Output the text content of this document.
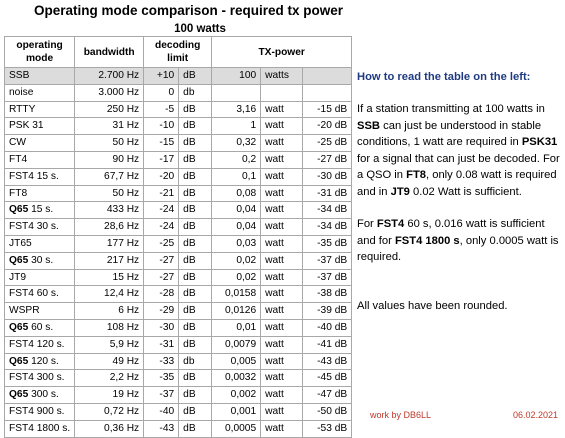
Operating mode comparison - required tx power
100 watts
operating mode	bandwidth	decoding limit		TX-power		
SSB	2.700 Hz	+10	dB	100	watts	
noise	3.000 Hz	0	db			
RTTY	250 Hz	-5	dB	3,16	watt	-15 dB
PSK 31	31 Hz	-10	dB	1	watt	-20 dB
CW	50 Hz	-15	dB	0,32	watt	-25 dB
FT4	90 Hz	-17	dB	0,2	watt	-27 dB
FST4 15 s.	67,7 Hz	-20	dB	0,1	watt	-30 dB
FT8	50 Hz	-21	dB	0,08	watt	-31 dB
Q65 15 s.	433 Hz	-24	dB	0,04	watt	-34 dB
FST4 30 s.	28,6 Hz	-24	dB	0,04	watt	-34 dB
JT65	177 Hz	-25	dB	0,03	watt	-35 dB
Q65 30 s.	217 Hz	-27	dB	0,02	watt	-37 dB
JT9	15 Hz	-27	dB	0,02	watt	-37 dB
FST4 60 s.	12,4 Hz	-28	dB	0,0158	watt	-38 dB
WSPR	6 Hz	-29	dB	0,0126	watt	-39 dB
Q65 60 s.	108 Hz	-30	dB	0,01	watt	-40 dB
FST4 120 s.	5,9 Hz	-31	dB	0,0079	watt	-41 dB
Q65 120 s.	49 Hz	-33	db	0,005	watt	-43 dB
FST4 300 s.	2,2 Hz	-35	dB	0,0032	watt	-45 dB
Q65 300 s.	19 Hz	-37	dB	0,002	watt	-47 dB
FST4 900 s.	0,72 Hz	-40	dB	0,001	watt	-50 dB
FST4 1800 s.	0,36 Hz	-43	dB	0,0005	watt	-53 dB
How to read the table on the left:
If a station transmitting at 100 watts in SSB can just be understood in stable conditions, 1 watt are required in PSK31 for a signal that can just be decoded. For a QSO in FT8, only 0.08 watt is required and in JT9 0.02 Watt is sufficient.
For FST4 60 s, 0.016 watt is sufficient and for FST4 1800 s, only 0.0005 watt is required.
All values have been rounded.
work by DB6LL	06.02.2021
